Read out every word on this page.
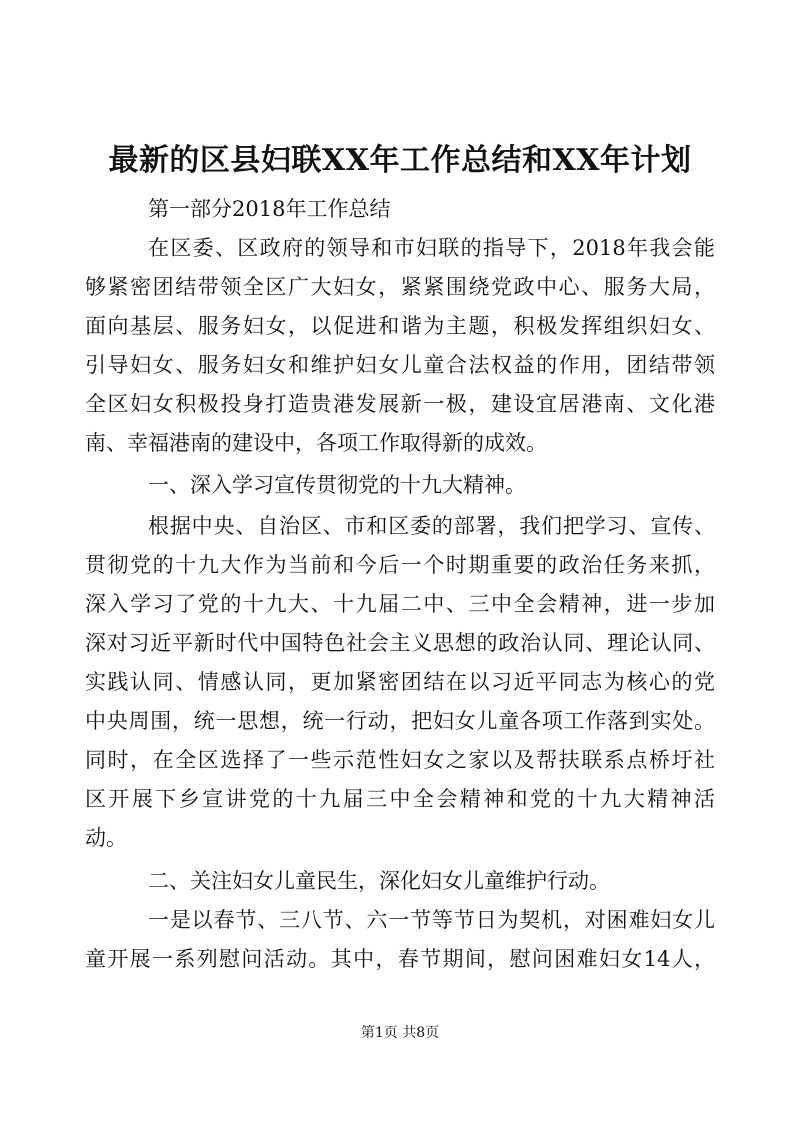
最新的区县妇联XX年工作总结和XX年计划
第一部分2018年工作总结
在区委、区政府的领导和市妇联的指导下，2018年我会能
够紧密团结带领全区广大妇女，紧紧围绕党政中心、服务大局，
面向基层、服务妇女，以促进和谐为主题，积极发挥组织妇女、
引导妇女、服务妇女和维护妇女儿童合法权益的作用，团结带领
全区妇女积极投身打造贵港发展新一极，建设宜居港南、文化港
南、幸福港南的建设中，各项工作取得新的成效。
一、深入学习宣传贯彻党的十九大精神。
根据中央、自治区、市和区委的部署，我们把学习、宣传、
贯彻党的十九大作为当前和今后一个时期重要的政治任务来抓，
深入学习了党的十九大、十九届二中、三中全会精神，进一步加
深对习近平新时代中国特色社会主义思想的政治认同、理论认同、
实践认同、情感认同，更加紧密团结在以习近平同志为核心的党
中央周围，统一思想，统一行动，把妇女儿童各项工作落到实处。
同时，在全区选择了一些示范性妇女之家以及帮扶联系点桥圩社
区开展下乡宣讲党的十九届三中全会精神和党的十九大精神活
动。
二、关注妇女儿童民生，深化妇女儿童维护行动。
一是以春节、三八节、六一节等节日为契机，对困难妇女儿
童开展一系列慰问活动。其中，春节期间，慰问困难妇女14人，
第1页 共8页
